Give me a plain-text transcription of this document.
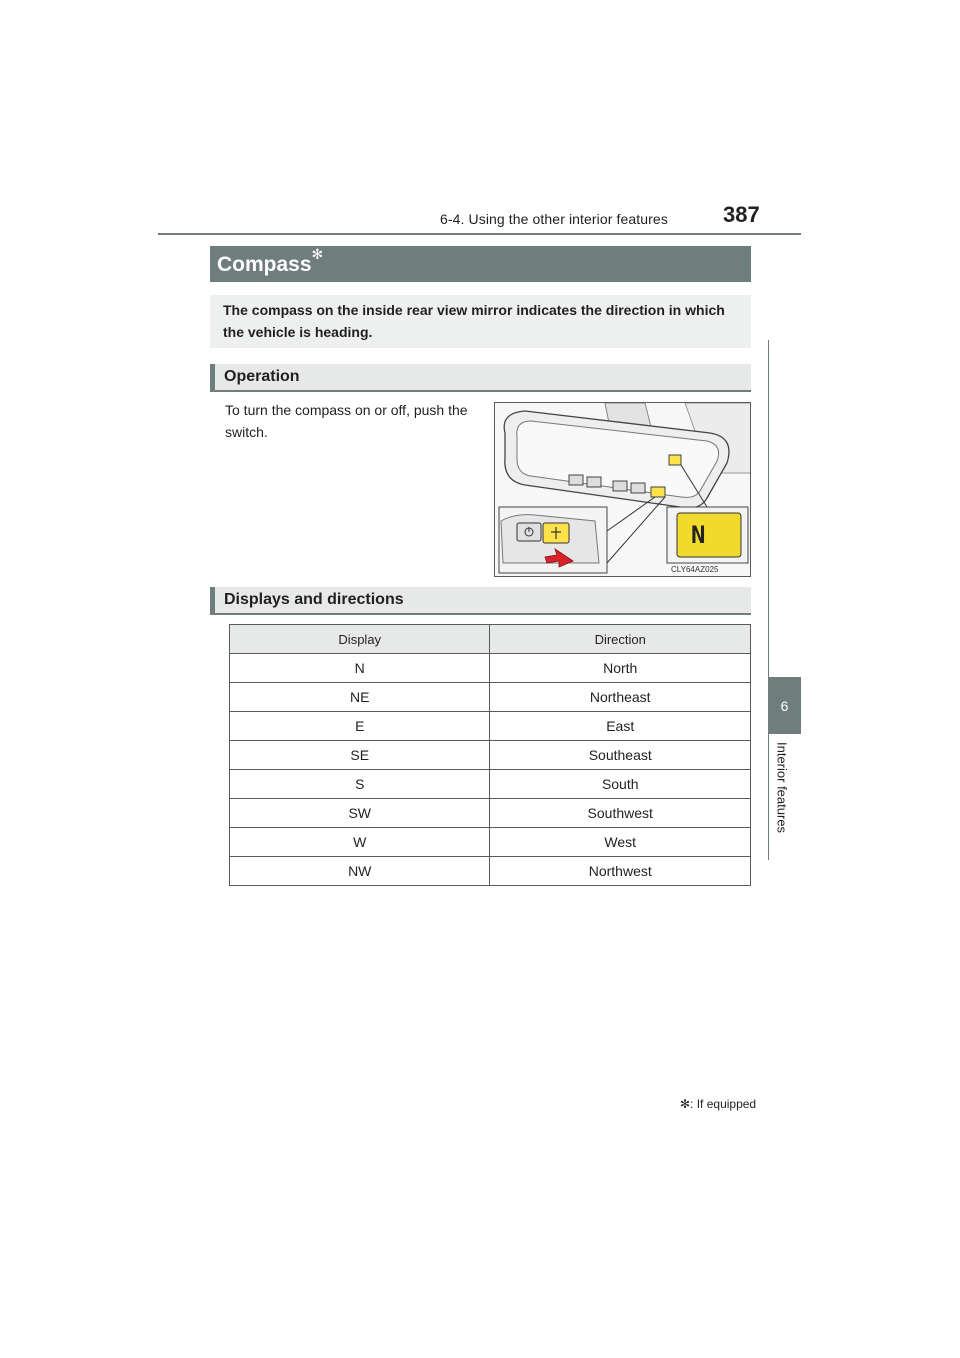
6-4. Using the other interior features	387
6
Interior features
Compass✻
The compass on the inside rear view mirror indicates the direction in which the vehicle is heading.
Operation
To turn the compass on or off, push the switch.
N
CLY64AZ025
Displays and directions
Display	Direction
N	North
NE	Northeast
E	East
SE	Southeast
S	South
SW	Southwest
W	West
NW	Northwest
✻: If equipped
